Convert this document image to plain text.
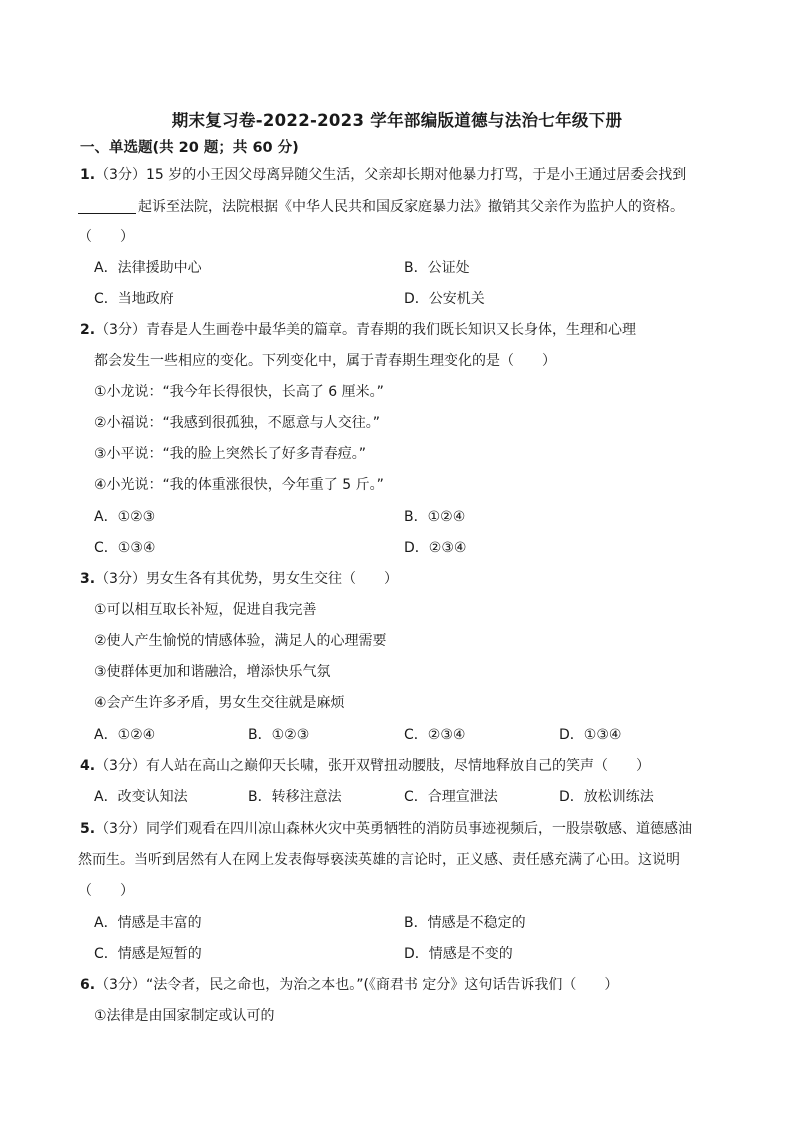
期末复习卷-2022-2023 学年部编版道德与法治七年级下册
一、单选题(共 20 题；共 60 分)
1.（3分）15 岁的小王因父母离异随父生活，父亲却长期对他暴力打骂，于是小王通过居委会找到
起诉至法院，法院根据《中华人民共和国反家庭暴力法》撤销其父亲作为监护人的资格。
（　　）
A．法律援助中心	B．公证处
C．当地政府	D．公安机关
2.（3分）青春是人生画卷中最华美的篇章。青春期的我们既长知识又长身体，生理和心理
都会发生一些相应的变化。下列变化中，属于青春期生理变化的是（　　）
①小龙说：“我今年长得很快，长高了 6 厘米。”
②小福说：“我感到很孤独，不愿意与人交往。”
③小平说：“我的脸上突然长了好多青春痘。”
④小光说：“我的体重涨很快，今年重了 5 斤。”
A．①②③	B．①②④
C．①③④	D．②③④
3.（3分）男女生各有其优势，男女生交往（　　）
①可以相互取长补短，促进自我完善
②使人产生愉悦的情感体验，满足人的心理需要
③使群体更加和谐融洽，增添快乐气氛
④会产生许多矛盾，男女生交往就是麻烦
A．①②④	B．①②③	C．②③④	D．①③④
4.（3分）有人站在高山之巅仰天长啸，张开双臂扭动腰肢，尽情地释放自己的笑声（　　）
A．改变认知法	B．转移注意法	C．合理宣泄法	D．放松训练法
5.（3分）同学们观看在四川凉山森林火灾中英勇牺牲的消防员事迹视频后，一股崇敬感、道德感油
然而生。当听到居然有人在网上发表侮辱亵渎英雄的言论时，正义感、责任感充满了心田。这说明
（　　）
A．情感是丰富的	B．情感是不稳定的
C．情感是短暂的	D．情感是不变的
6.（3分）“法令者，民之命也，为治之本也。”(《商君书 定分》这句话告诉我们（　　）
①法律是由国家制定或认可的
